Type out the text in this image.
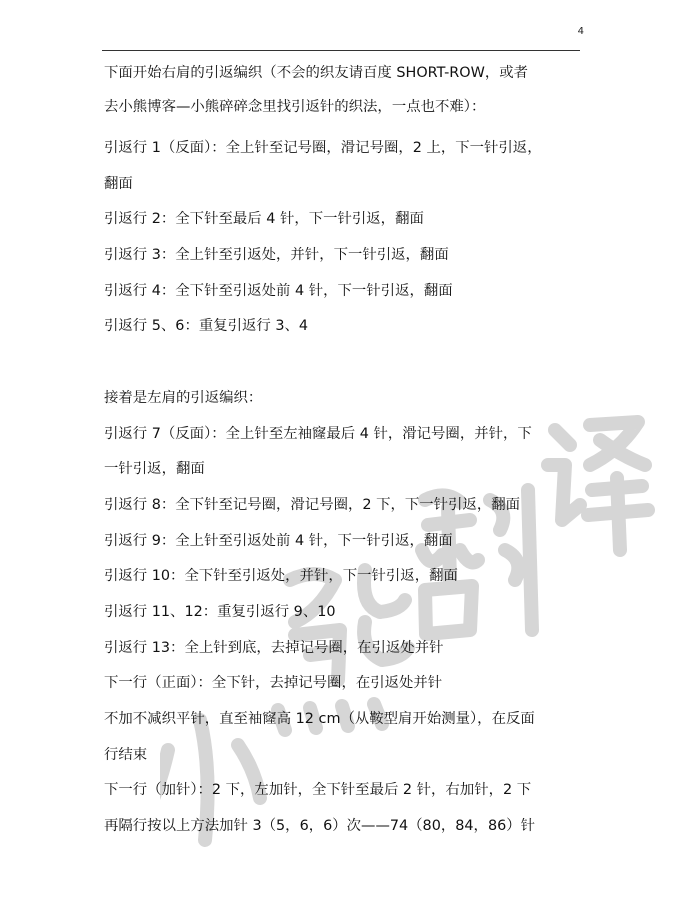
4
下面开始右肩的引返编织（不会的织友请百度 SHORT-ROW，或者
去小熊博客—小熊碎碎念里找引返针的织法，一点也不难）：
引返行 1（反面）：全上针至记号圈，滑记号圈，2 上，下一针引返，
翻面
引返行 2：全下针至最后 4 针，下一针引返，翻面
引返行 3：全上针至引返处，并针，下一针引返，翻面
引返行 4：全下针至引返处前 4 针，下一针引返，翻面
引返行 5、6：重复引返行 3、4
接着是左肩的引返编织：
引返行 7（反面）：全上针至左袖窿最后 4 针，滑记号圈，并针，下
一针引返，翻面
引返行 8：全下针至记号圈，滑记号圈，2 下，下一针引返，翻面
引返行 9：全上针至引返处前 4 针，下一针引返，翻面
引返行 10：全下针至引返处，并针，下一针引返，翻面
引返行 11、12：重复引返行 9、10
引返行 13：全上针到底，去掉记号圈，在引返处并针
下一行（正面）：全下针，去掉记号圈，在引返处并针
不加不减织平针，直至袖窿高 12 cm（从鞍型肩开始测量），在反面
行结束
下一行（加针）：2 下，左加针，全下针至最后 2 针，右加针，2 下
再隔行按以上方法加针 3（5，6，6）次——74（80，84，86）针
